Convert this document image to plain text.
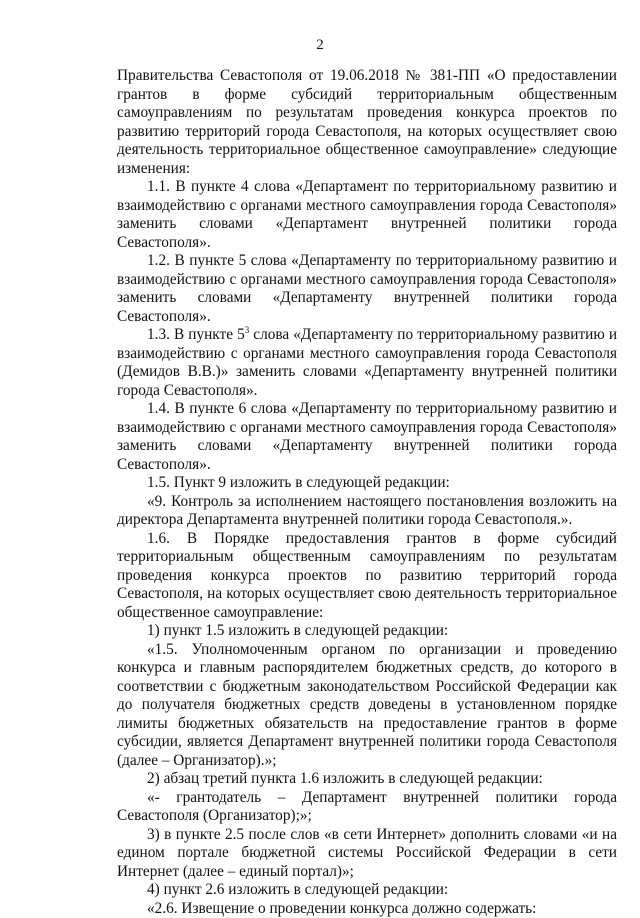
2

Правительства Севастополя от 19.06.2018 № 381-ПП «О предоставлении грантов в форме субсидий территориальным общественным самоуправлениям по результатам проведения конкурса проектов по развитию территорий города Севастополя, на которых осуществляет свою деятельность территориальное общественное самоуправление» следующие изменения:

1.1. В пункте 4 слова «Департамент по территориальному развитию и взаимодействию с органами местного самоуправления города Севастополя» заменить словами «Департамент внутренней политики города Севастополя».

1.2. В пункте 5 слова «Департаменту по территориальному развитию и взаимодействию с органами местного самоуправления города Севастополя» заменить словами «Департаменту внутренней политики города Севастополя».

1.3. В пункте $5^3$ слова «Департаменту по территориальному развитию и взаимодействию с органами местного самоуправления города Севастополя (Демидов В.В.)» заменить словами «Департаменту внутренней политики города Севастополя».

1.4. В пункте 6 слова «Департаменту по территориальному развитию и взаимодействию с органами местного самоуправления города Севастополя» заменить словами «Департаменту внутренней политики города Севастополя».

1.5. Пункт 9 изложить в следующей редакции:

«9. Контроль за исполнением настоящего постановления возложить на директора Департамента внутренней политики города Севастополя.».

1.6. В Порядке предоставления грантов в форме субсидий территориальным общественным самоуправлениям по результатам проведения конкурса проектов по развитию территорий города Севастополя, на которых осуществляет свою деятельность территориальное общественное самоуправление:

1) пункт 1.5 изложить в следующей редакции:

«1.5. Уполномоченным органом по организации и проведению конкурса и главным распорядителем бюджетных средств, до которого в соответствии с бюджетным законодательством Российской Федерации как до получателя бюджетных средств доведены в установленном порядке лимиты бюджетных обязательств на предоставление грантов в форме субсидии, является Департамент внутренней политики города Севастополя (далее – Организатор).»;

2) абзац третий пункта 1.6 изложить в следующей редакции:

«- грантодатель – Департамент внутренней политики города Севастополя (Организатор);»;

3) в пункте 2.5 после слов «в сети Интернет» дополнить словами «и на едином портале бюджетной системы Российской Федерации в сети Интернет (далее – единый портал)»;

4) пункт 2.6 изложить в следующей редакции:

«2.6. Извещение о проведении конкурса должно содержать:
